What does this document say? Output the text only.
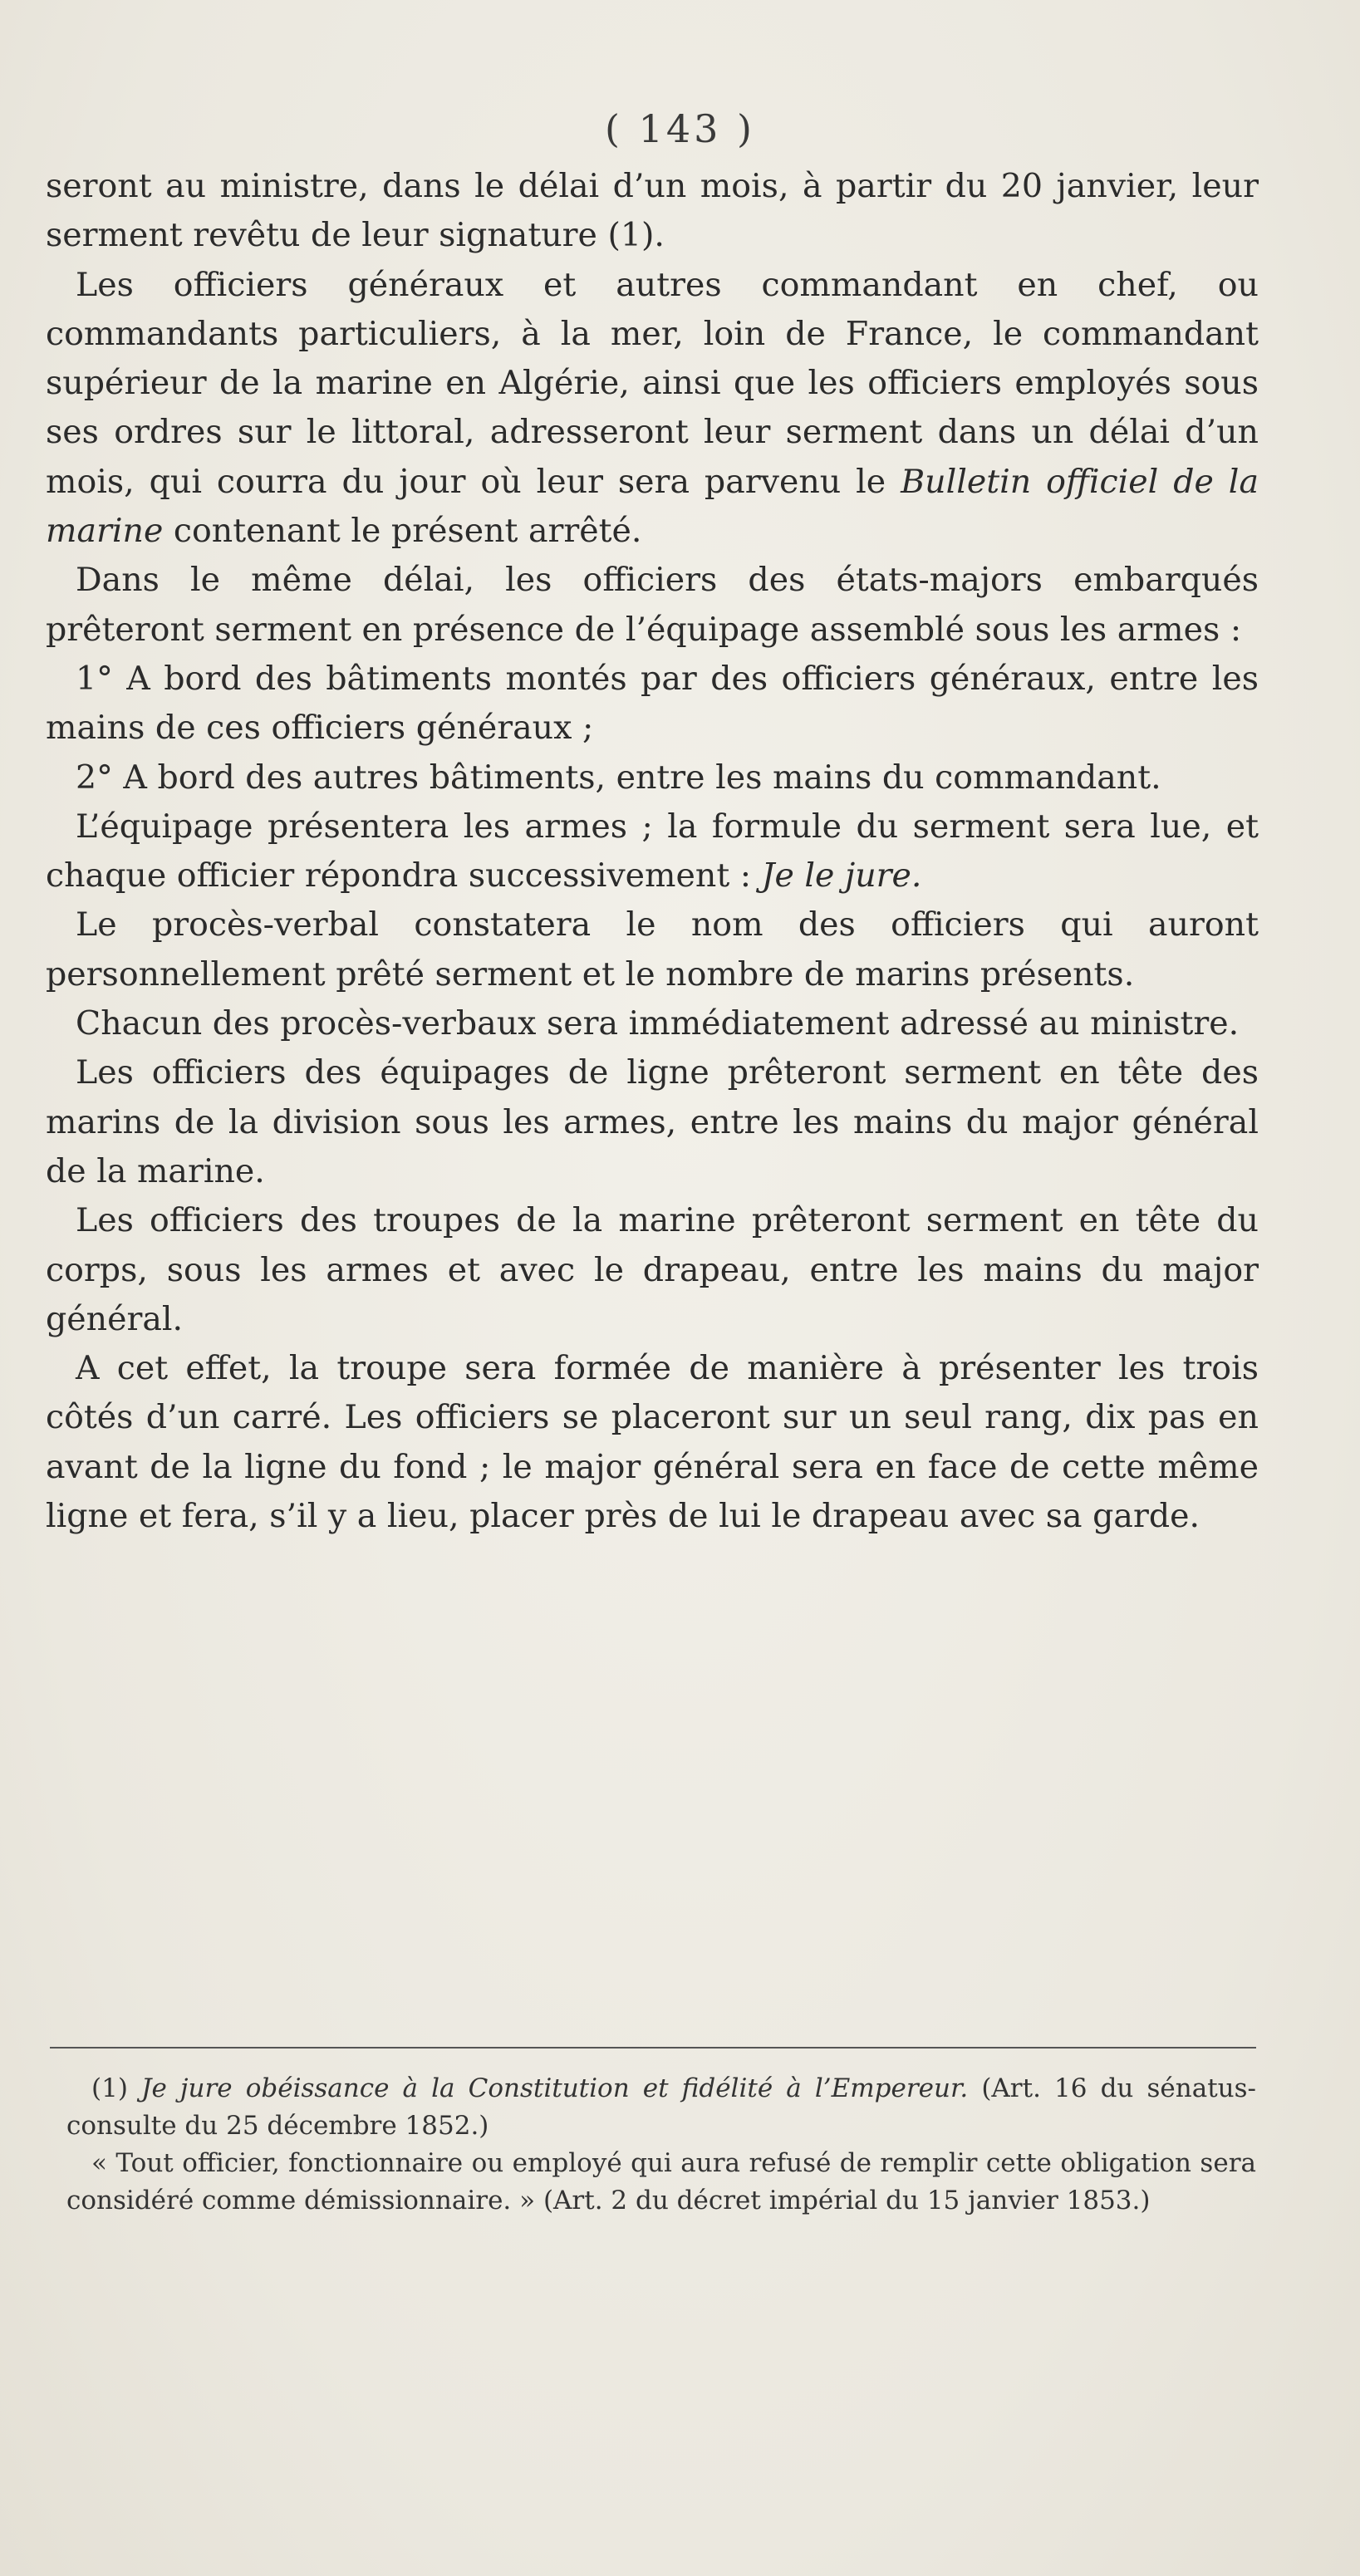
( 143 )

seront au ministre, dans le délai d’un mois, à partir du 20 janvier, leur serment revêtu de leur signature (1).

Les officiers généraux et autres commandant en chef, ou commandants particuliers, à la mer, loin de France, le commandant supérieur de la marine en Algérie, ainsi que les officiers employés sous ses ordres sur le littoral, adresseront leur serment dans un délai d’un mois, qui courra du jour où leur sera parvenu le Bulletin officiel de la marine contenant le présent arrêté.

Dans le même délai, les officiers des états-majors embarqués prêteront serment en présence de l’équipage assemblé sous les armes :

1° A bord des bâtiments montés par des officiers généraux, entre les mains de ces officiers généraux ;

2° A bord des autres bâtiments, entre les mains du commandant.

L’équipage présentera les armes ; la formule du serment sera lue, et chaque officier répondra successivement : Je le jure.

Le procès-verbal constatera le nom des officiers qui auront personnellement prêté serment et le nombre de marins présents.

Chacun des procès-verbaux sera immédiatement adressé au ministre.

Les officiers des équipages de ligne prêteront serment en tête des marins de la division sous les armes, entre les mains du major général de la marine.

Les officiers des troupes de la marine prêteront serment en tête du corps, sous les armes et avec le drapeau, entre les mains du major général.

A cet effet, la troupe sera formée de manière à présenter les trois côtés d’un carré. Les officiers se placeront sur un seul rang, dix pas en avant de la ligne du fond ; le major général sera en face de cette même ligne et fera, s’il y a lieu, placer près de lui le drapeau avec sa garde.

(1) Je jure obéissance à la Constitution et fidélité à l’Empereur. (Art. 16 du sénatus-consulte du 25 décembre 1852.)

« Tout officier, fonctionnaire ou employé qui aura refusé de remplir cette obligation sera considéré comme démissionnaire. » (Art. 2 du décret impérial du 15 janvier 1853.)
